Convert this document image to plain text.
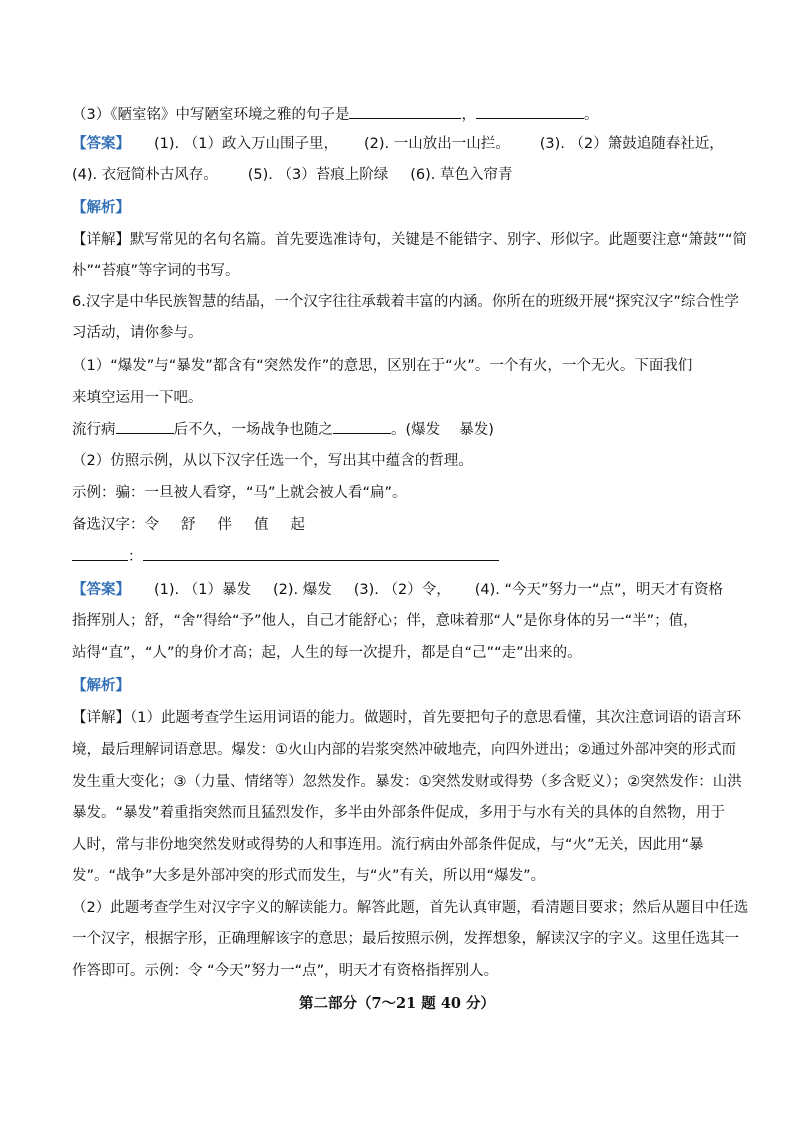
（3）《陋室铭》中写陋室环境之雅的句子是	，	。
【答案】 (1). （1）政入万山围子里， (2). 一山放出一山拦。 (3). （2）箫鼓追随春社近，
(4). 衣冠简朴古风存。 (5). （3）苔痕上阶绿 (6). 草色入帘青
【解析】
【详解】默写常见的名句名篇。首先要选准诗句，关键是不能错字、别字、形似字。此题要注意“箫鼓”“简
朴”“苔痕”等字词的书写。
6.汉字是中华民族智慧的结晶，一个汉字往往承载着丰富的内涵。你所在的班级开展“探究汉字”综合性学
习活动，请你参与。
（1）“爆发”与“暴发”都含有“突然发作”的意思，区别在于“火”。一个有火，一个无火。下面我们
来填空运用一下吧。
流行病	后不久，一场战争也随之	。(爆发　 暴发)
（2）仿照示例，从以下汉字任选一个，写出其中蕴含的哲理。
示例：骗：一旦被人看穿，“马”上就会被人看“扁”。
备选汉字：令 舒 伴 值 起
：
【答案】 (1). （1）暴发 (2). 爆发 (3). （2）令， (4). “今天”努力一“点”，明天才有资格
指挥别人；舒，“舍”得给“予”他人，自己才能舒心；伴，意味着那“人”是你身体的另一“半”；值，
站得“直”，“人”的身价才高；起，人生的每一次提升，都是自“己”“走”出来的。
【解析】
【详解】（1）此题考查学生运用词语的能力。做题时，首先要把句子的意思看懂，其次注意词语的语言环
境，最后理解词语意思。爆发：①火山内部的岩浆突然冲破地壳，向四外迸出；②通过外部冲突的形式而
发生重大变化；③（力量、情绪等）忽然发作。暴发：①突然发财或得势（多含贬义）；②突然发作：山洪
暴发。“暴发”着重指突然而且猛烈发作，多半由外部条件促成，多用于与水有关的具体的自然物，用于
人时，常与非份地突然发财或得势的人和事连用。流行病由外部条件促成，与“火”无关，因此用“暴
发”。“战争”大多是外部冲突的形式而发生，与“火”有关，所以用“爆发”。
（2）此题考查学生对汉字字义的解读能力。解答此题，首先认真审题，看清题目要求；然后从题目中任选
一个汉字，根据字形，正确理解该字的意思；最后按照示例，发挥想象，解读汉字的字义。这里任选其一
作答即可。示例：令 “今天”努力一“点”，明天才有资格指挥别人。
第二部分（7～21 题 40 分）
